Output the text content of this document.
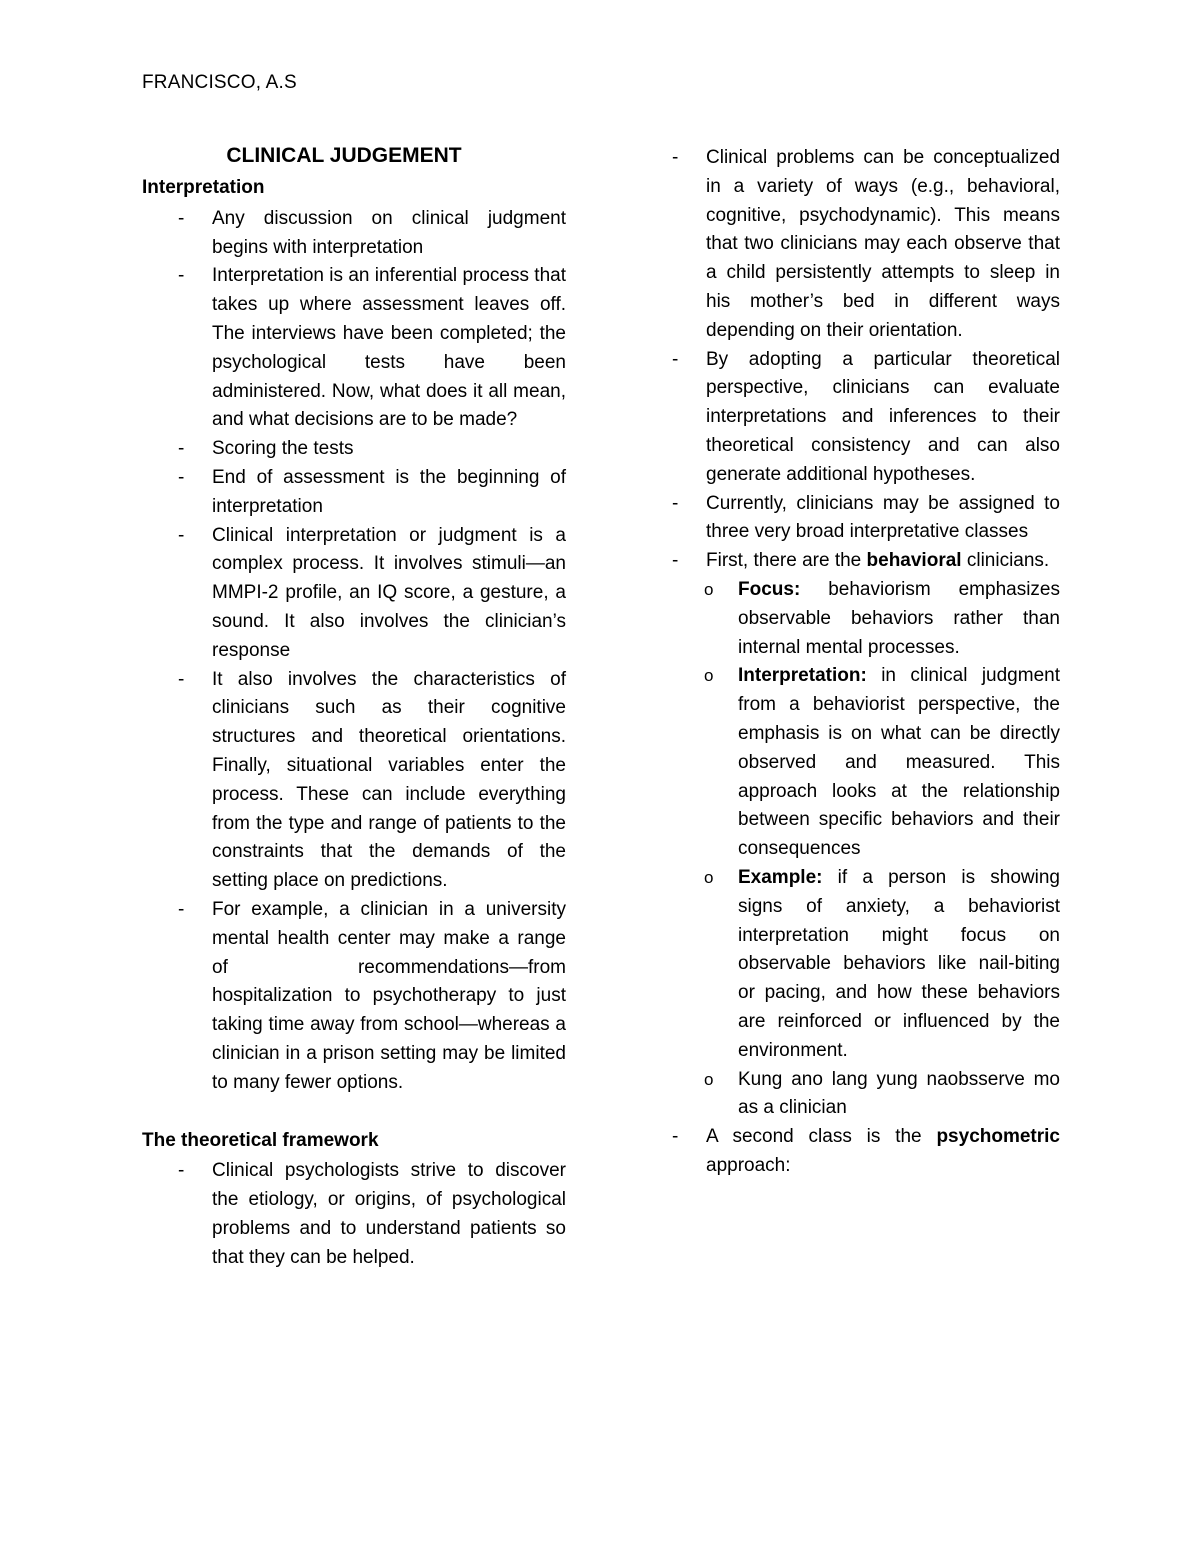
FRANCISCO, A.S
CLINICAL JUDGEMENT
Interpretation
- Any discussion on clinical judgment begins with interpretation
- Interpretation is an inferential process that takes up where assessment leaves off. The interviews have been completed; the psychological tests have been administered. Now, what does it all mean, and what decisions are to be made?
- Scoring the tests
- End of assessment is the beginning of interpretation
- Clinical interpretation or judgment is a complex process. It involves stimuli—an MMPI-2 profile, an IQ score, a gesture, a sound. It also involves the clinician’s response
- It also involves the characteristics of clinicians such as their cognitive structures and theoretical orientations. Finally, situational variables enter the process. These can include everything from the type and range of patients to the constraints that the demands of the setting place on predictions.
- For example, a clinician in a university mental health center may make a range of recommendations—from hospitalization to psychotherapy to just taking time away from school—whereas a clinician in a prison setting may be limited to many fewer options.
The theoretical framework
- Clinical psychologists strive to discover the etiology, or origins, of psychological problems and to understand patients so that they can be helped.
- Clinical problems can be conceptualized in a variety of ways (e.g., behavioral, cognitive, psychodynamic). This means that two clinicians may each observe that a child persistently attempts to sleep in his mother’s bed in different ways depending on their orientation.
- By adopting a particular theoretical perspective, clinicians can evaluate interpretations and inferences to their theoretical consistency and can also generate additional hypotheses.
- Currently, clinicians may be assigned to three very broad interpretative classes
- First, there are the behavioral clinicians.
o Focus: behaviorism emphasizes observable behaviors rather than internal mental processes.
o Interpretation: in clinical judgment from a behaviorist perspective, the emphasis is on what can be directly observed and measured. This approach looks at the relationship between specific behaviors and their consequences
o Example: if a person is showing signs of anxiety, a behaviorist interpretation might focus on observable behaviors like nail-biting or pacing, and how these behaviors are reinforced or influenced by the environment.
o Kung ano lang yung naobsserve mo as a clinician
- A second class is the psychometric approach:
